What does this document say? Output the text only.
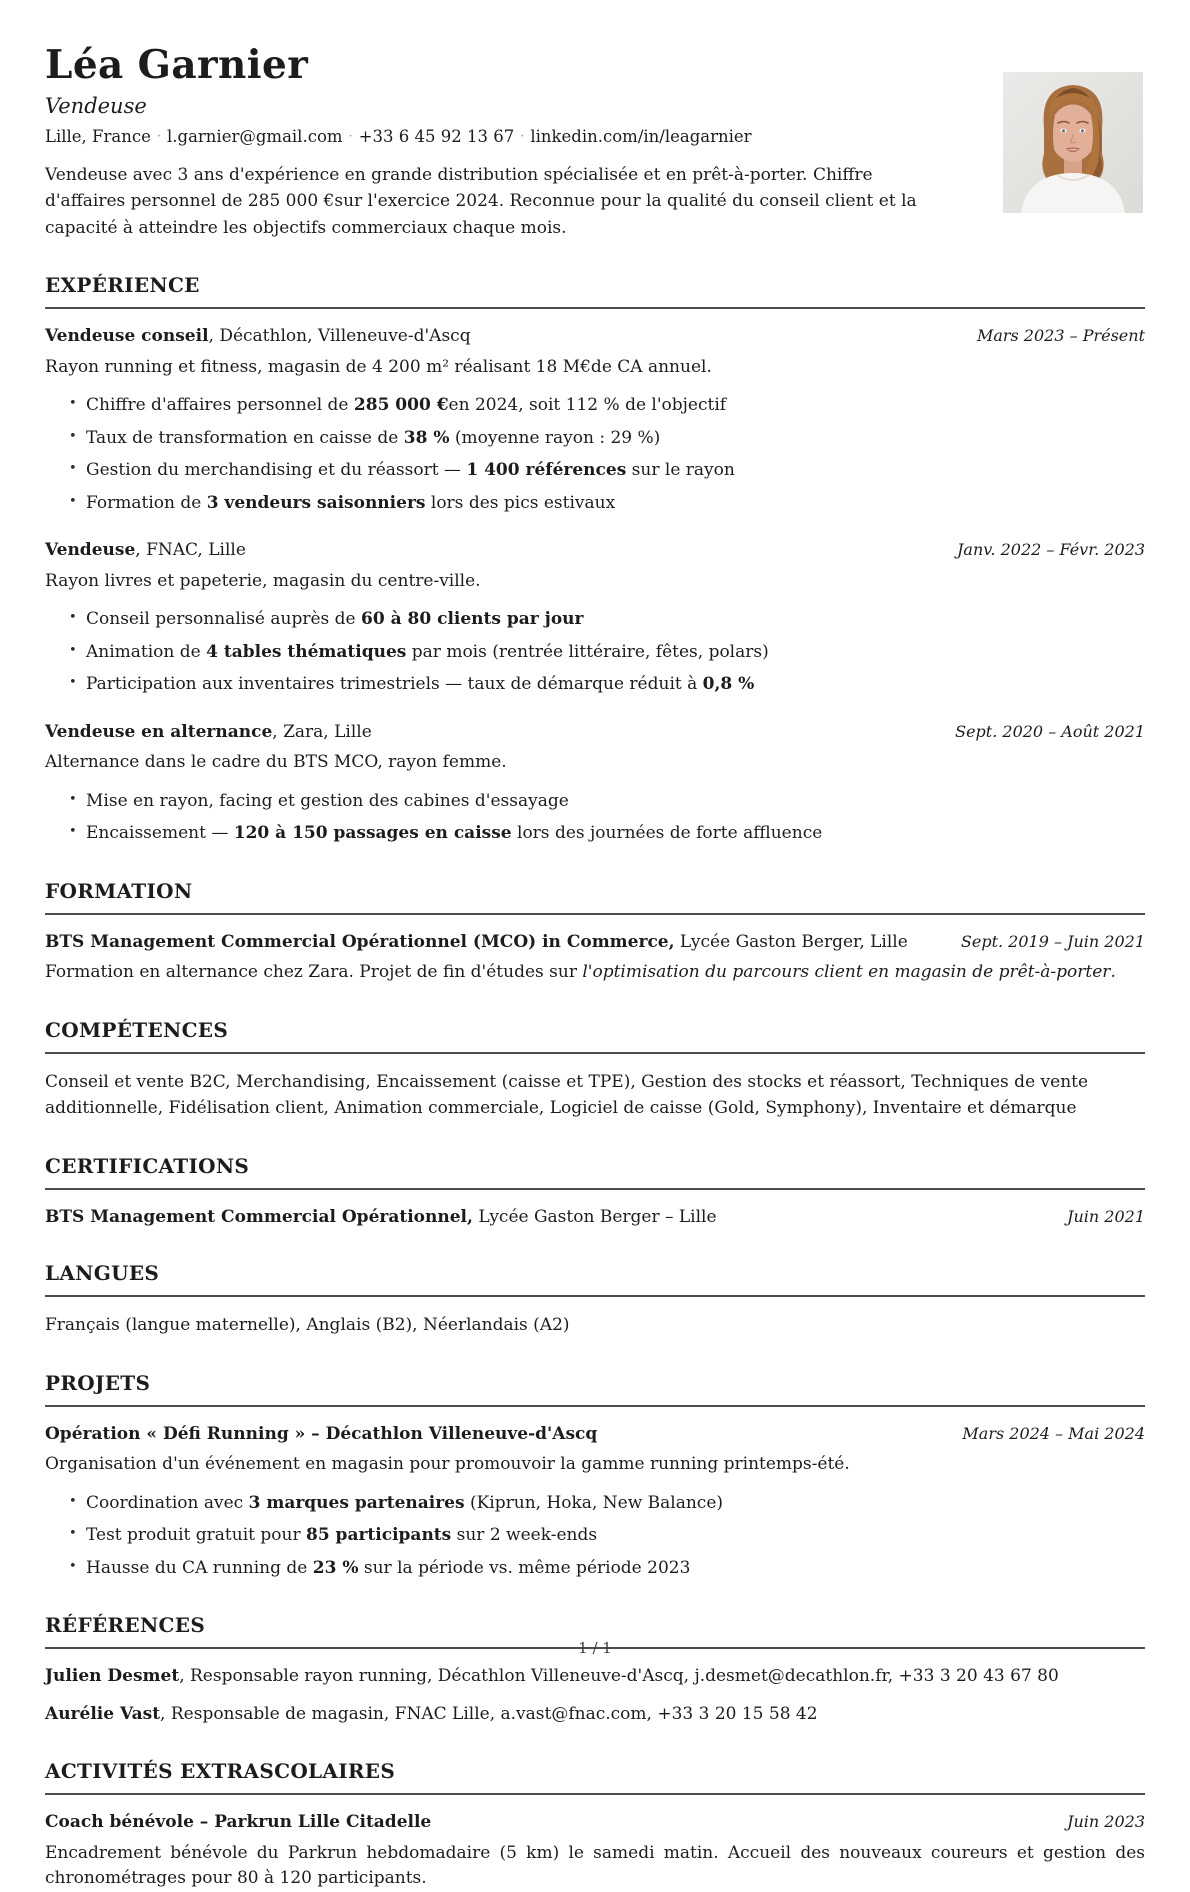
Léa Garnier
Vendeuse
Lille, France · l.garnier@gmail.com · +33 6 45 92 13 67 · linkedin.com/in/leagarnier
Vendeuse avec 3 ans d'expérience en grande distribution spécialisée et en prêt-à-porter. Chiffre d'affaires personnel de 285 000 €sur l'exercice 2024. Reconnue pour la qualité du conseil client et la capacité à atteindre les objectifs commerciaux chaque mois.
EXPÉRIENCE
Vendeuse conseil, Décathlon, Villeneuve-d'Ascq	Mars 2023 – Présent
Rayon running et fitness, magasin de 4 200 m² réalisant 18 M€de CA annuel.
• Chiffre d'affaires personnel de 285 000 €en 2024, soit 112 % de l'objectif
• Taux de transformation en caisse de 38 % (moyenne rayon : 29 %)
• Gestion du merchandising et du réassort — 1 400 références sur le rayon
• Formation de 3 vendeurs saisonniers lors des pics estivaux
Vendeuse, FNAC, Lille	Janv. 2022 – Févr. 2023
Rayon livres et papeterie, magasin du centre-ville.
• Conseil personnalisé auprès de 60 à 80 clients par jour
• Animation de 4 tables thématiques par mois (rentrée littéraire, fêtes, polars)
• Participation aux inventaires trimestriels — taux de démarque réduit à 0,8 %
Vendeuse en alternance, Zara, Lille	Sept. 2020 – Août 2021
Alternance dans le cadre du BTS MCO, rayon femme.
• Mise en rayon, facing et gestion des cabines d'essayage
• Encaissement — 120 à 150 passages en caisse lors des journées de forte affluence
FORMATION
BTS Management Commercial Opérationnel (MCO) in Commerce, Lycée Gaston Berger, Lille	Sept. 2019 – Juin 2021
Formation en alternance chez Zara. Projet de fin d'études sur l'optimisation du parcours client en magasin de prêt-à-porter.
COMPÉTENCES
Conseil et vente B2C, Merchandising, Encaissement (caisse et TPE), Gestion des stocks et réassort, Techniques de vente additionnelle, Fidélisation client, Animation commerciale, Logiciel de caisse (Gold, Symphony), Inventaire et démarque
CERTIFICATIONS
BTS Management Commercial Opérationnel, Lycée Gaston Berger – Lille	Juin 2021
LANGUES
Français (langue maternelle), Anglais (B2), Néerlandais (A2)
PROJETS
Opération « Défi Running » – Décathlon Villeneuve-d'Ascq	Mars 2024 – Mai 2024
Organisation d'un événement en magasin pour promouvoir la gamme running printemps-été.
• Coordination avec 3 marques partenaires (Kiprun, Hoka, New Balance)
• Test produit gratuit pour 85 participants sur 2 week-ends
• Hausse du CA running de 23 % sur la période vs. même période 2023
RÉFÉRENCES
Julien Desmet, Responsable rayon running, Décathlon Villeneuve-d'Ascq, j.desmet@decathlon.fr, +33 3 20 43 67 80
Aurélie Vast, Responsable de magasin, FNAC Lille, a.vast@fnac.com, +33 3 20 15 58 42
ACTIVITÉS EXTRASCOLAIRES
Coach bénévole – Parkrun Lille Citadelle	Juin 2023
Encadrement bénévole du Parkrun hebdomadaire (5 km) le samedi matin. Accueil des nouveaux coureurs et gestion des chronométrages pour 80 à 120 participants.
1 / 1
